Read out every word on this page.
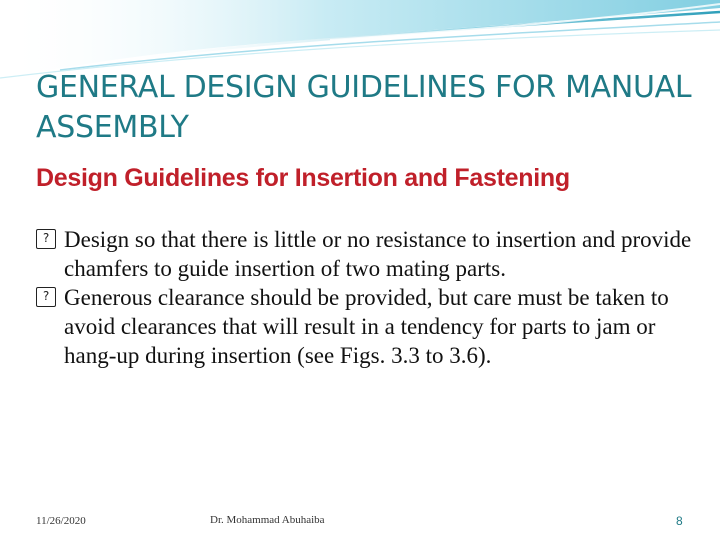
GENERAL DESIGN GUIDELINES FOR MANUAL ASSEMBLY
Design Guidelines for Insertion and Fastening
? Design so that there is little or no resistance to insertion and provide chamfers to guide insertion of two mating parts.
? Generous clearance should be provided, but care must be taken to avoid clearances that will result in a tendency for parts to jam or hang-up during insertion (see Figs. 3.3 to 3.6).
11/26/2020	Dr. Mohammad Abuhaiba	8
